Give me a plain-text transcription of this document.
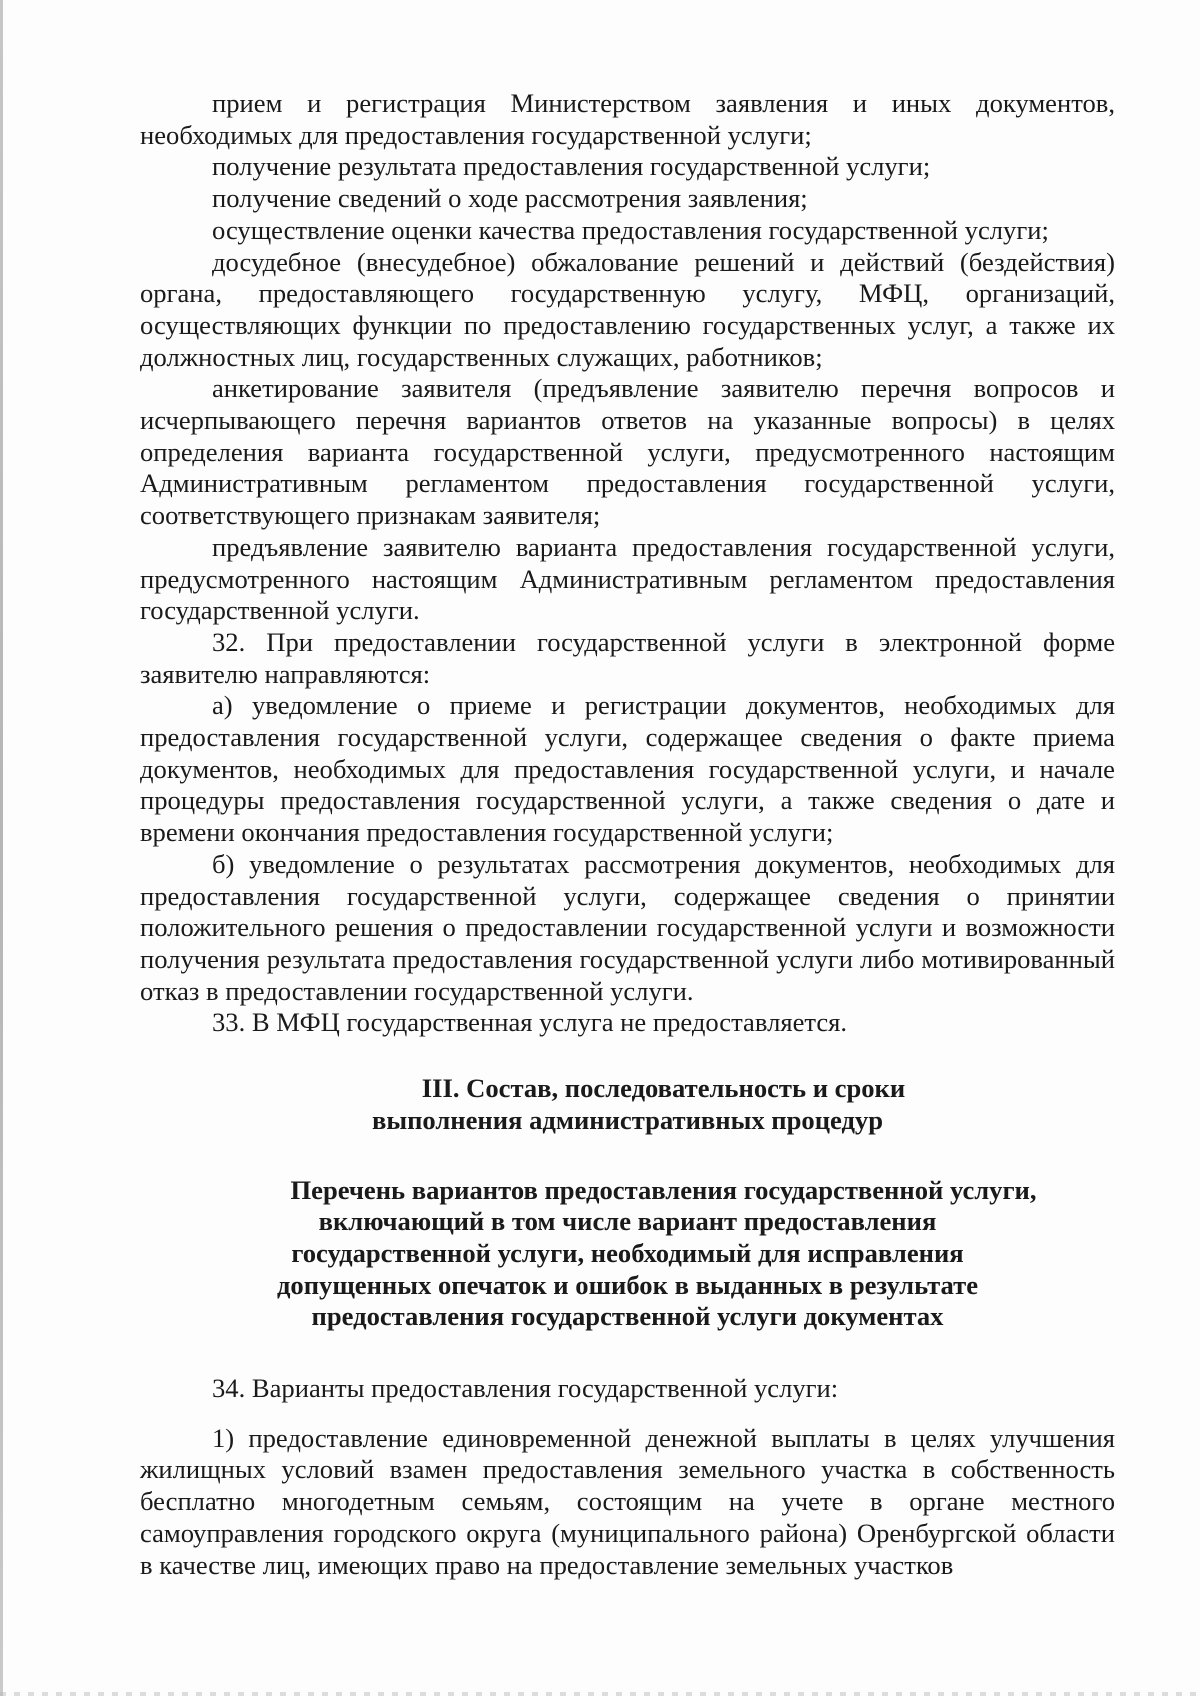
прием и регистрация Министерством заявления и иных документов, необходимых для предоставления государственной услуги;

получение результата предоставления государственной услуги;

получение сведений о ходе рассмотрения заявления;

осуществление оценки качества предоставления государственной услуги;

досудебное (внесудебное) обжалование решений и действий (бездействия) органа, предоставляющего государственную услугу, МФЦ, организаций, осуществляющих функции по предоставлению государственных услуг, а также их должностных лиц, государственных служащих, работников;

анкетирование заявителя (предъявление заявителю перечня вопросов и исчерпывающего перечня вариантов ответов на указанные вопросы) в целях определения варианта государственной услуги, предусмотренного настоящим Административным регламентом предоставления государственной услуги, соответствующего признакам заявителя;

предъявление заявителю варианта предоставления государственной услуги, предусмотренного настоящим Административным регламентом предоставления государственной услуги.

32. При предоставлении государственной услуги в электронной форме заявителю направляются:

а) уведомление о приеме и регистрации документов, необходимых для предоставления государственной услуги, содержащее сведения о факте приема документов, необходимых для предоставления государственной услуги, и начале процедуры предоставления государственной услуги, а также сведения о дате и времени окончания предоставления государственной услуги;

б) уведомление о результатах рассмотрения документов, необходимых для предоставления государственной услуги, содержащее сведения о принятии положительного решения о предоставлении государственной услуги и возможности получения результата предоставления государственной услуги либо мотивированный отказ в предоставлении государственной услуги.

33. В МФЦ государственная услуга не предоставляется.

III. Состав, последовательность и сроки
выполнения административных процедур

Перечень вариантов предоставления государственной услуги,
включающий в том числе вариант предоставления
государственной услуги, необходимый для исправления
допущенных опечаток и ошибок в выданных в результате
предоставления государственной услуги документах

34. Варианты предоставления государственной услуги:

1) предоставление единовременной денежной выплаты в целях улучшения жилищных условий взамен предоставления земельного участка в собственность бесплатно многодетным семьям, состоящим на учете в органе местного самоуправления городского округа (муниципального района) Оренбургской области в качестве лиц, имеющих право на предоставление земельных участков
